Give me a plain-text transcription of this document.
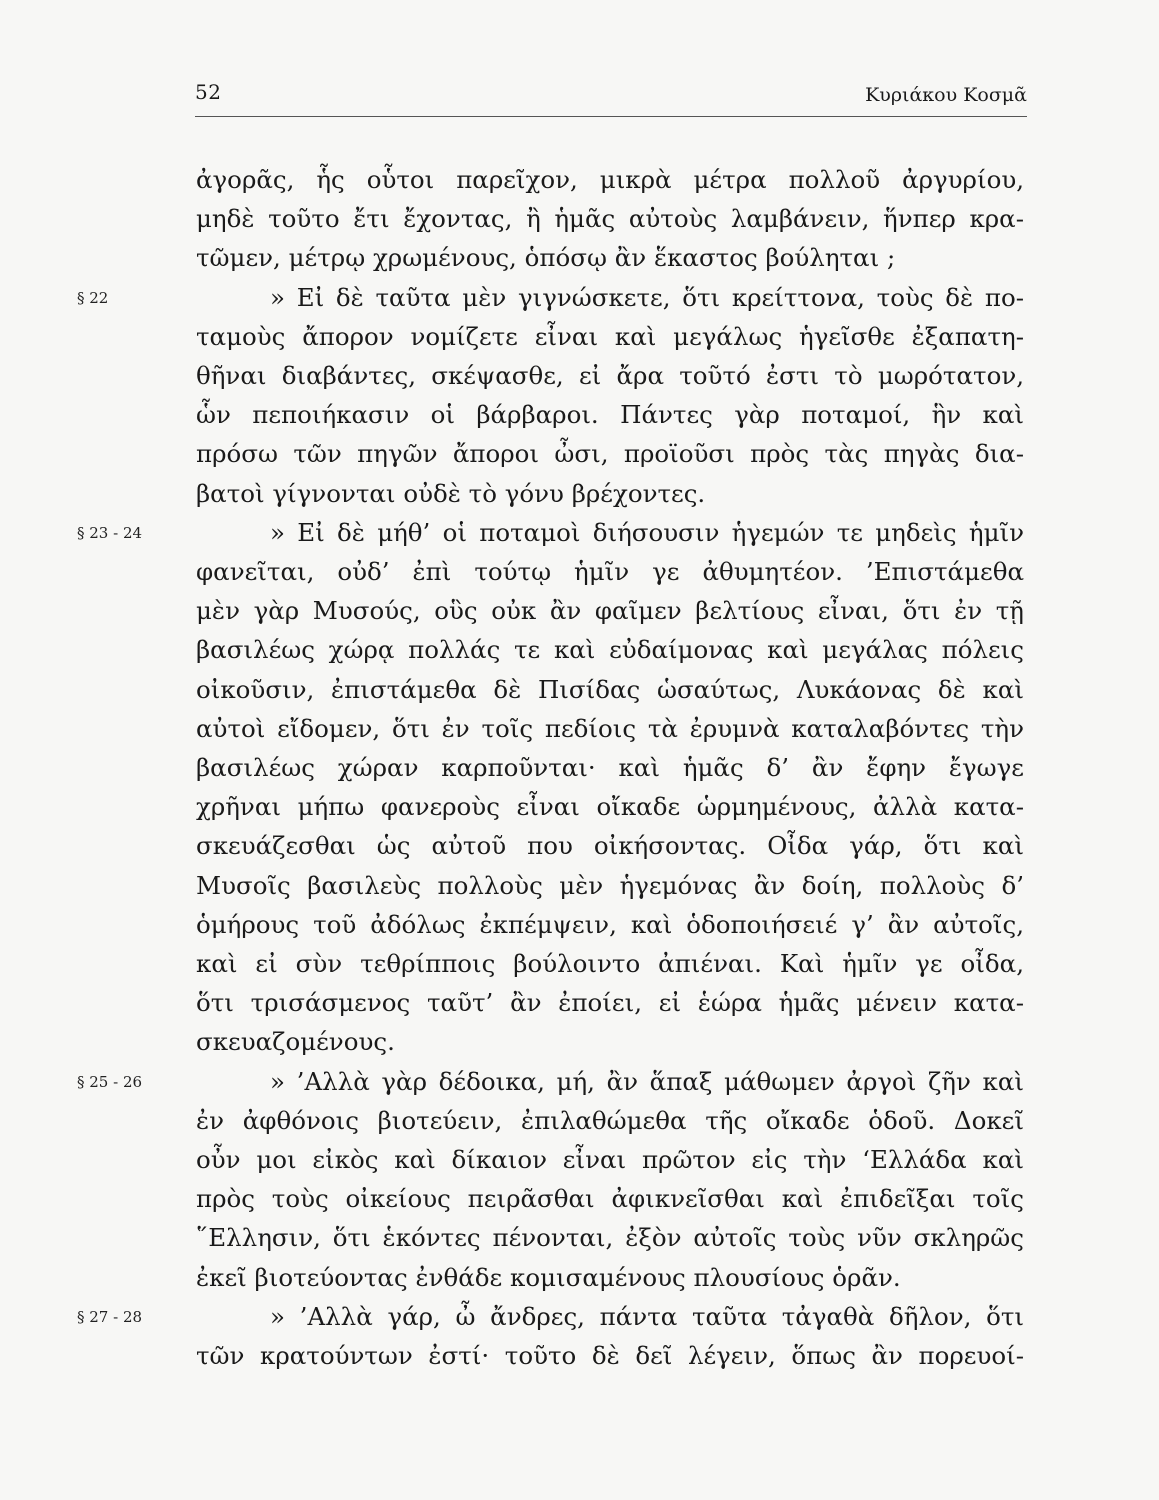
52	Κυριάκου Κοσμᾶ
ἀγορᾶς, ἧς οὗτοι παρεῖχον, μικρὰ μέτρα πολλοῦ ἀργυρίου,
μηδὲ τοῦτο ἔτι ἔχοντας, ἢ ἡμᾶς αὐτοὺς λαμβάνειν, ἥνπερ κρα-
τῶμεν, μέτρῳ χρωμένους, ὁπόσῳ ἂν ἕκαστος βούληται ;
» Εἰ δὲ ταῦτα μὲν γιγνώσκετε, ὅτι κρείττονα, τοὺς δὲ πο-
ταμοὺς ἄπορον νομίζετε εἶναι καὶ μεγάλως ἡγεῖσθε ἐξαπατη-
θῆναι διαβάντες, σκέψασθε, εἰ ἄρα τοῦτό ἐστι τὸ μωρότατον,
ὧν πεποιήκασιν οἱ βάρβαροι. Πάντες γὰρ ποταμοί, ἣν καὶ
πρόσω τῶν πηγῶν ἄποροι ὦσι, προϊοῦσι πρὸς τὰς πηγὰς δια-
βατοὶ γίγνονται οὐδὲ τὸ γόνυ βρέχοντες.
» Εἰ δὲ μήθ’ οἱ ποταμοὶ διήσουσιν ἡγεμών τε μηδεὶς ἡμῖν
φανεῖται, οὐδ’ ἐπὶ τούτῳ ἡμῖν γε ἀθυμητέον. ’Επιστάμεθα
μὲν γὰρ Μυσούς, οὓς οὐκ ἂν φαῖμεν βελτίους εἶναι, ὅτι ἐν τῇ
βασιλέως χώρᾳ πολλάς τε καὶ εὐδαίμονας καὶ μεγάλας πόλεις
οἰκοῦσιν, ἐπιστάμεθα δὲ Πισίδας ὡσαύτως, Λυκάονας δὲ καὶ
αὐτοὶ εἴδομεν, ὅτι ἐν τοῖς πεδίοις τὰ ἐρυμνὰ καταλαβόντες τὴν
βασιλέως χώραν καρποῦνται· καὶ ἡμᾶς δ’ ἂν ἔφην ἔγωγε
χρῆναι μήπω φανεροὺς εἶναι οἴκαδε ὡρμημένους, ἀλλὰ κατα-
σκευάζεσθαι ὡς αὐτοῦ που οἰκήσοντας. Οἶδα γάρ, ὅτι καὶ
Μυσοῖς βασιλεὺς πολλοὺς μὲν ἡγεμόνας ἂν δοίη, πολλοὺς δ’
ὁμήρους τοῦ ἀδόλως ἐκπέμψειν, καὶ ὁδοποιήσειέ γ’ ἂν αὐτοῖς,
καὶ εἰ σὺν τεθρίπποις βούλοιντο ἀπιέναι. Καὶ ἡμῖν γε οἶδα,
ὅτι τρισάσμενος ταῦτ’ ἂν ἐποίει, εἰ ἑώρα ἡμᾶς μένειν κατα-
σκευαζομένους.
» ’Αλλὰ γὰρ δέδοικα, μή, ἂν ἅπαξ μάθωμεν ἀργοὶ ζῆν καὶ
ἐν ἀφθόνοις βιοτεύειν, ἐπιλαθώμεθα τῆς οἴκαδε ὁδοῦ. Δοκεῖ
οὖν μοι εἰκὸς καὶ δίκαιον εἶναι πρῶτον εἰς τὴν ‘Ελλάδα καὶ
πρὸς τοὺς οἰκείους πειρᾶσθαι ἀφικνεῖσθαι καὶ ἐπιδεῖξαι τοῖς
῞Ελλησιν, ὅτι ἑκόντες πένονται, ἐξὸν αὐτοῖς τοὺς νῦν σκληρῶς
ἐκεῖ βιοτεύοντας ἐνθάδε κομισαμένους πλουσίους ὁρᾶν.
» ’Αλλὰ γάρ, ὦ ἄνδρες, πάντα ταῦτα τἀγαθὰ δῆλον, ὅτι
τῶν κρατούντων ἐστί· τοῦτο δὲ δεῖ λέγειν, ὅπως ἂν πορευοί-
§ 22
§ 23 - 24
§ 25 - 26
§ 27 - 28
